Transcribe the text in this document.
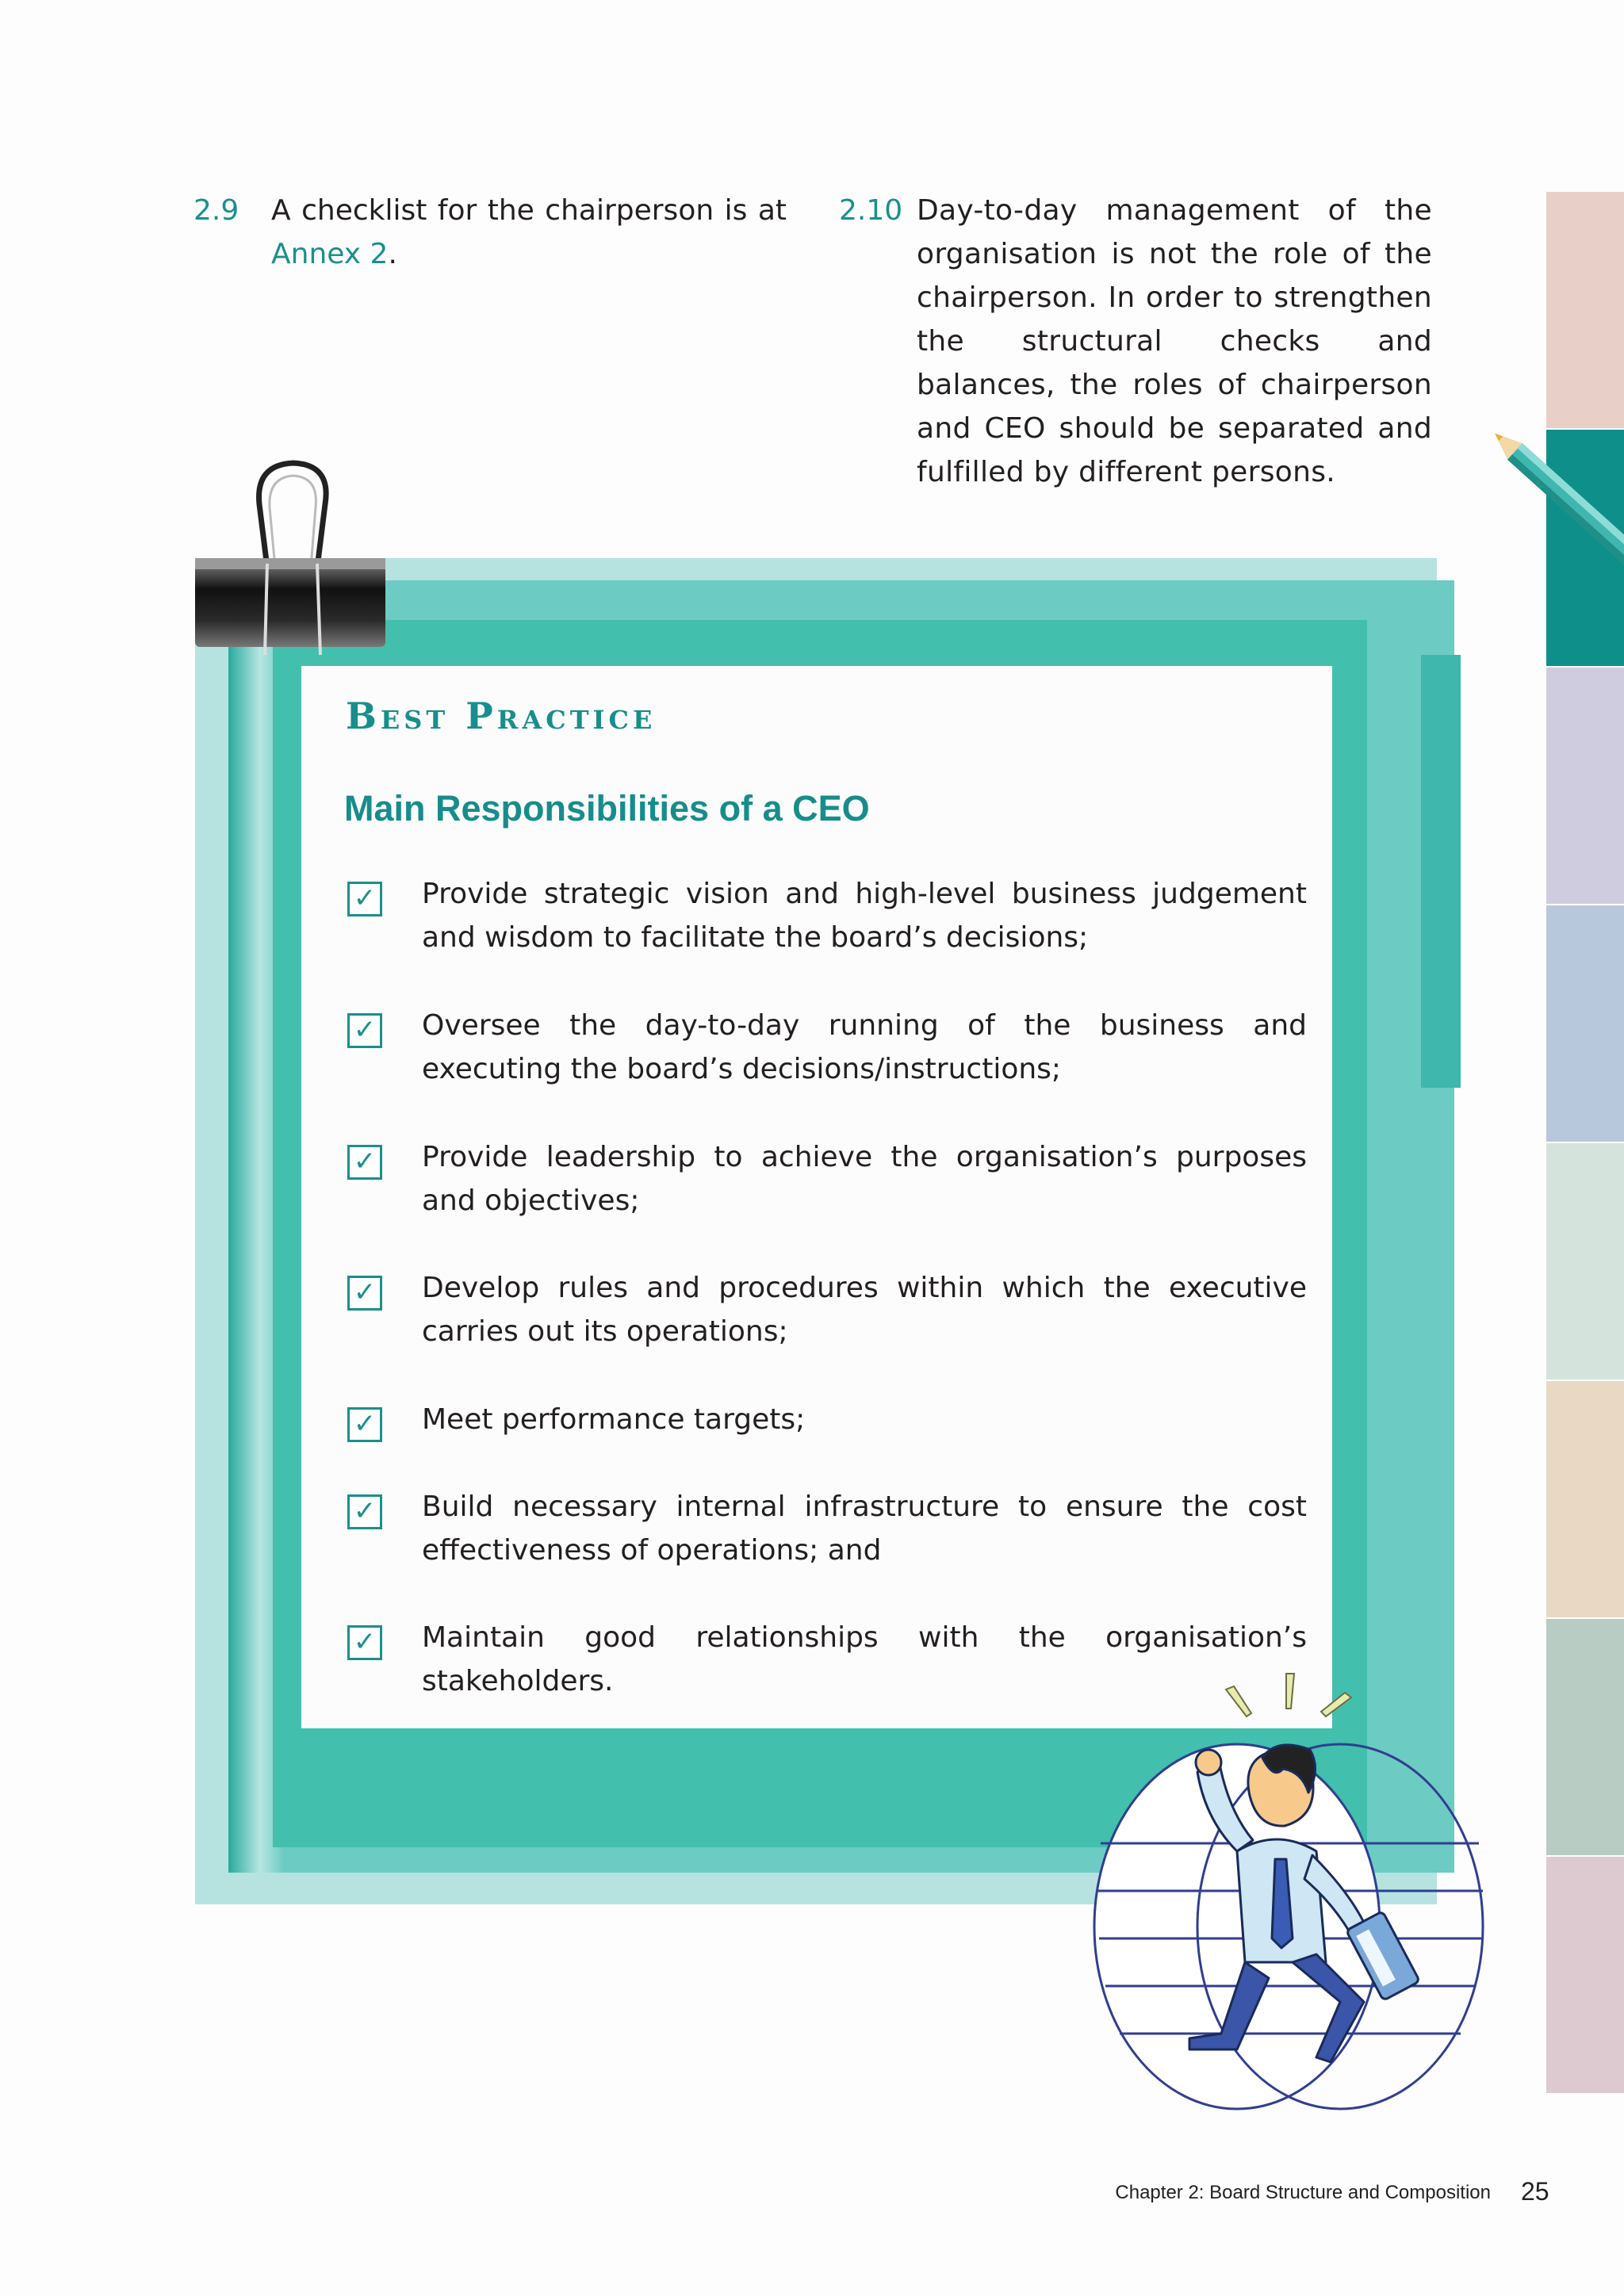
2.9 A checklist for the chairperson is at Annex 2.
2.10 Day-to-day management of the organisation is not the role of the chairperson. In order to strengthen the structural checks and balances, the roles of chairperson and CEO should be separated and fulfilled by different persons.
Best Practice
Main Responsibilities of a CEO
✓ Provide strategic vision and high-level business judgement and wisdom to facilitate the board’s decisions;
✓ Oversee the day-to-day running of the business and executing the board’s decisions/instructions;
✓ Provide leadership to achieve the organisation’s purposes and objectives;
✓ Develop rules and procedures within which the executive carries out its operations;
✓ Meet performance targets;
✓ Build necessary internal infrastructure to ensure the cost effectiveness of operations; and
✓ Maintain good relationships with the organisation’s stakeholders.
Chapter 2: Board Structure and Composition 25
